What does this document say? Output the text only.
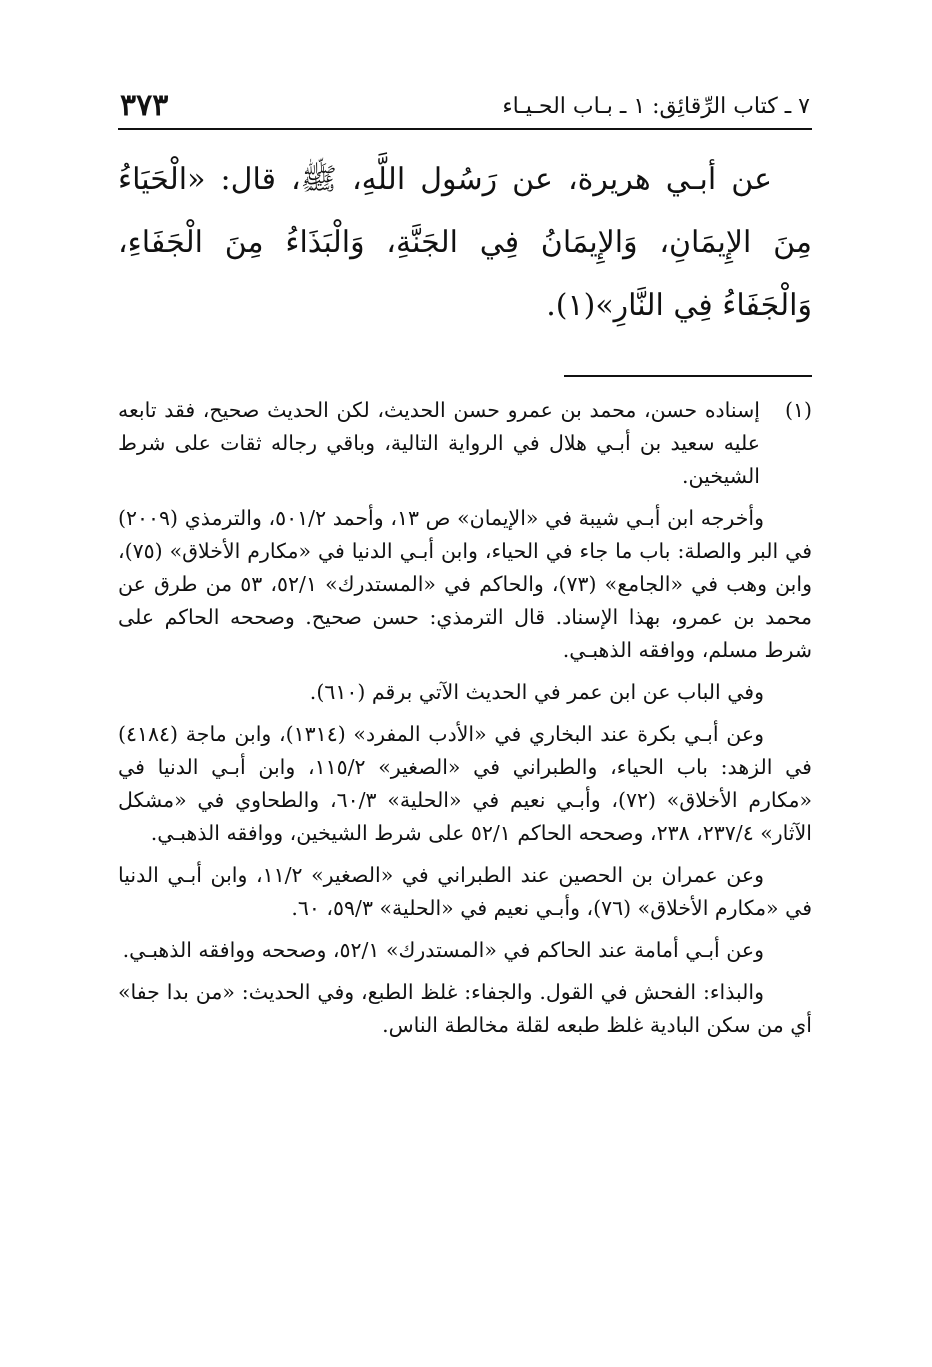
٧ ـ كتاب الرِّقائِق: ١ ـ بـاب الحـيـاء
٣٧٣

عن أبـي هريرة، عن رَسُول اللَّهِ، ﷺ، قال: «الْحَيَاءُ مِنَ الإِيمَانِ، وَالإِيمَانُ فِي الجَنَّةِ، وَالْبَذَاءُ مِنَ الْجَفَاءِ، وَالْجَفَاءُ فِي النَّارِ»(١).

(١)
إسناده حسن، محمد بن عمرو حسن الحديث، لكن الحديث صحيح، فقد تابعه عليه سعيد بن أبـي هلال في الرواية التالية، وباقي رجاله ثقات على شرط الشيخين.

وأخرجه ابن أبـي شيبة في «الإيمان» ص ١٣، وأحمد ٥٠١/٢، والترمذي (٢٠٠٩) في البر والصلة: باب ما جاء في الحياء، وابن أبـي الدنيا في «مكارم الأخلاق» (٧٥)، وابن وهب في «الجامع» (٧٣)، والحاكم في «المستدرك» ٥٢/١، ٥٣ من طرق عن محمد بن عمرو، بهذا الإسناد. قال الترمذي: حسن صحيح. وصححه الحاكم على شرط مسلم، ووافقه الذهبـي.

وفي الباب عن ابن عمر في الحديث الآتي برقم (٦١٠).

وعن أبـي بكرة عند البخاري في «الأدب المفرد» (١٣١٤)، وابن ماجة (٤١٨٤) في الزهد: باب الحياء، والطبراني في «الصغير» ١١٥/٢، وابن أبـي الدنيا في «مكارم الأخلاق» (٧٢)، وأبـي نعيم في «الحلية» ٦٠/٣، والطحاوي في «مشكل الآثار» ٢٣٧/٤، ٢٣٨، وصححه الحاكم ٥٢/١ على شرط الشيخين، ووافقه الذهبـي.

وعن عمران بن الحصين عند الطبراني في «الصغير» ١١/٢، وابن أبـي الدنيا في «مكارم الأخلاق» (٧٦)، وأبـي نعيم في «الحلية» ٥٩/٣، ٦٠.

وعن أبـي أمامة عند الحاكم في «المستدرك» ٥٢/١، وصححه ووافقه الذهبـي.

والبذاء: الفحش في القول. والجفاء: غلظ الطبع، وفي الحديث: «من بدا جفا» أي من سكن البادية غلظ طبعه لقلة مخالطة الناس.
